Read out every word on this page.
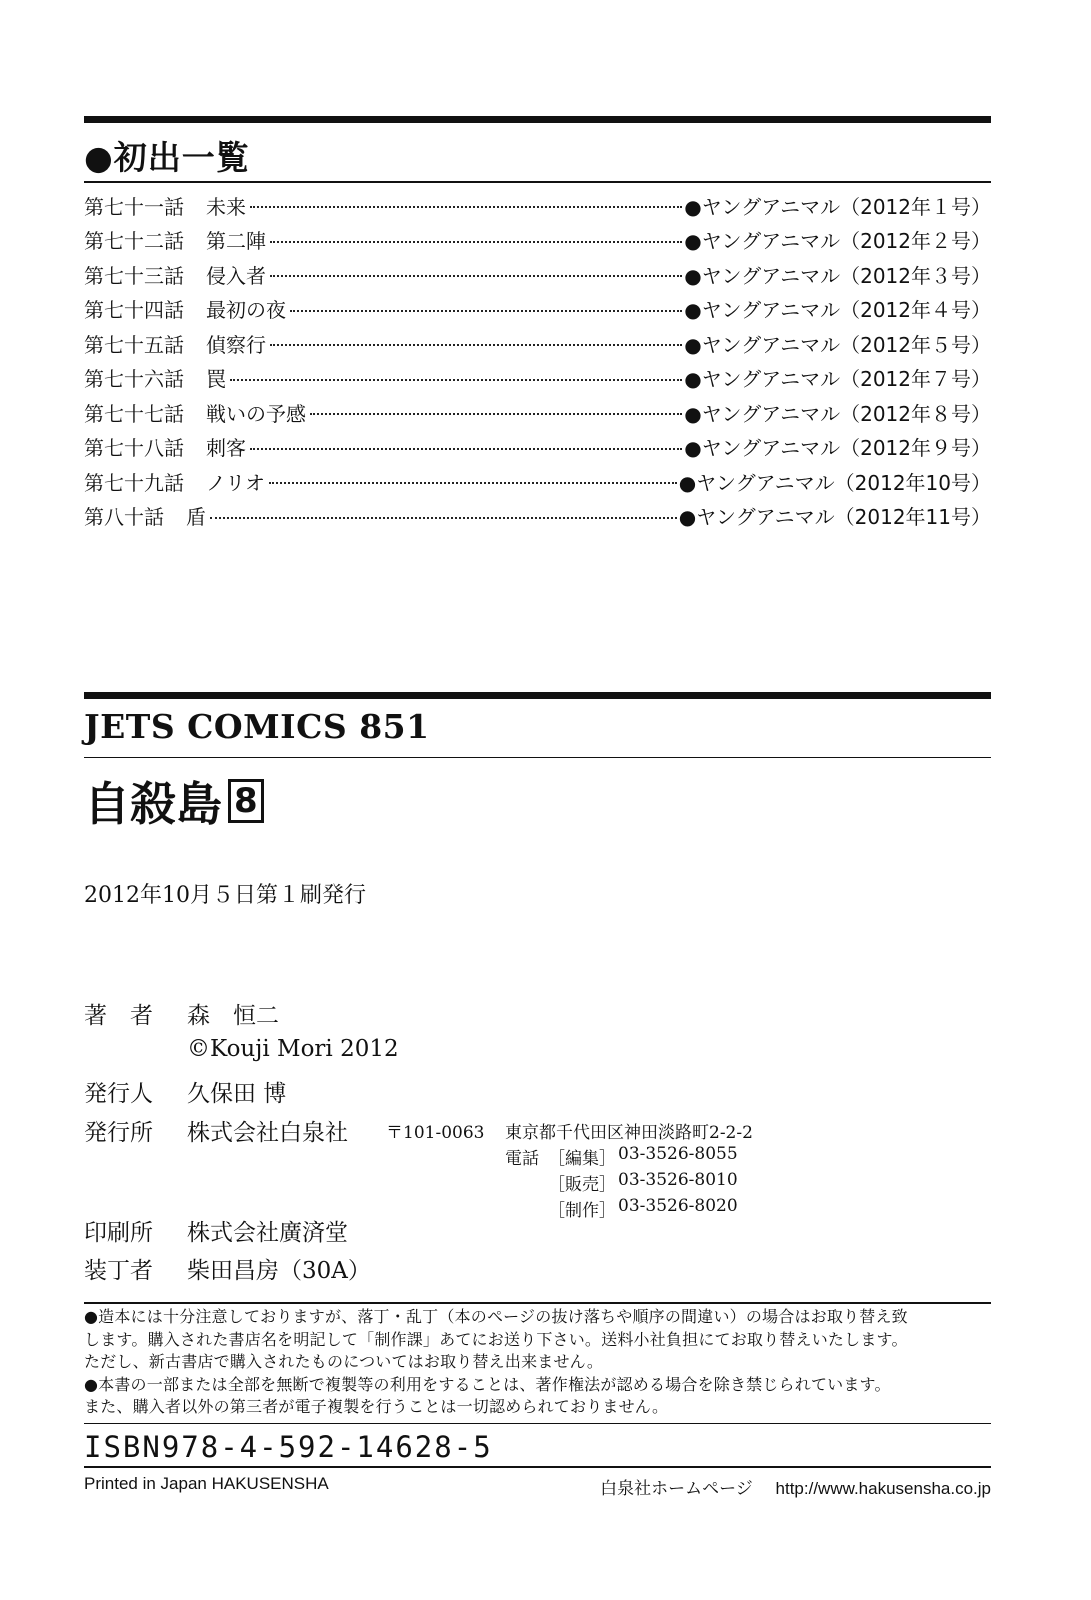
●初出一覧
第七十一話 未来	●ヤングアニマル（2012年１号）
第七十二話 第二陣	●ヤングアニマル（2012年２号）
第七十三話 侵入者	●ヤングアニマル（2012年３号）
第七十四話 最初の夜	●ヤングアニマル（2012年４号）
第七十五話 偵察行	●ヤングアニマル（2012年５号）
第七十六話 罠	●ヤングアニマル（2012年７号）
第七十七話 戦いの予感	●ヤングアニマル（2012年８号）
第七十八話 刺客	●ヤングアニマル（2012年９号）
第七十九話 ノリオ	●ヤングアニマル（2012年10号）
第八十話 盾	●ヤングアニマル（2012年11号）
JETS COMICS 851
自殺島 8
2012年10月５日第１刷発行
著　者 森　恒二
©Kouji Mori 2012
発行人 久保田 博
発行所 株式会社白泉社 〒101-0063 東京都千代田区神田淡路町2-2-2
電話 ［編集］ 03-3526-8055
［販売］ 03-3526-8010
［制作］ 03-3526-8020
印刷所 株式会社廣済堂
装丁者 柴田昌房（30A）

●造本には十分注意しておりますが、落丁・乱丁（本のページの抜け落ちや順序の間違い）の場合はお取り替え致

します。購入された書店名を明記して「制作課」あてにお送り下さい。送料小社負担にてお取り替えいたします。

ただし、新古書店で購入されたものについてはお取り替え出来ません。

●本書の一部または全部を無断で複製等の利用をすることは、著作権法が認める場合を除き禁じられています。

また、購入者以外の第三者が電子複製を行うことは一切認められておりません。

ISBN978-4-592-14628-5
Printed in Japan HAKUSENSHA	白泉社ホームページ http://www.hakusensha.co.jp
